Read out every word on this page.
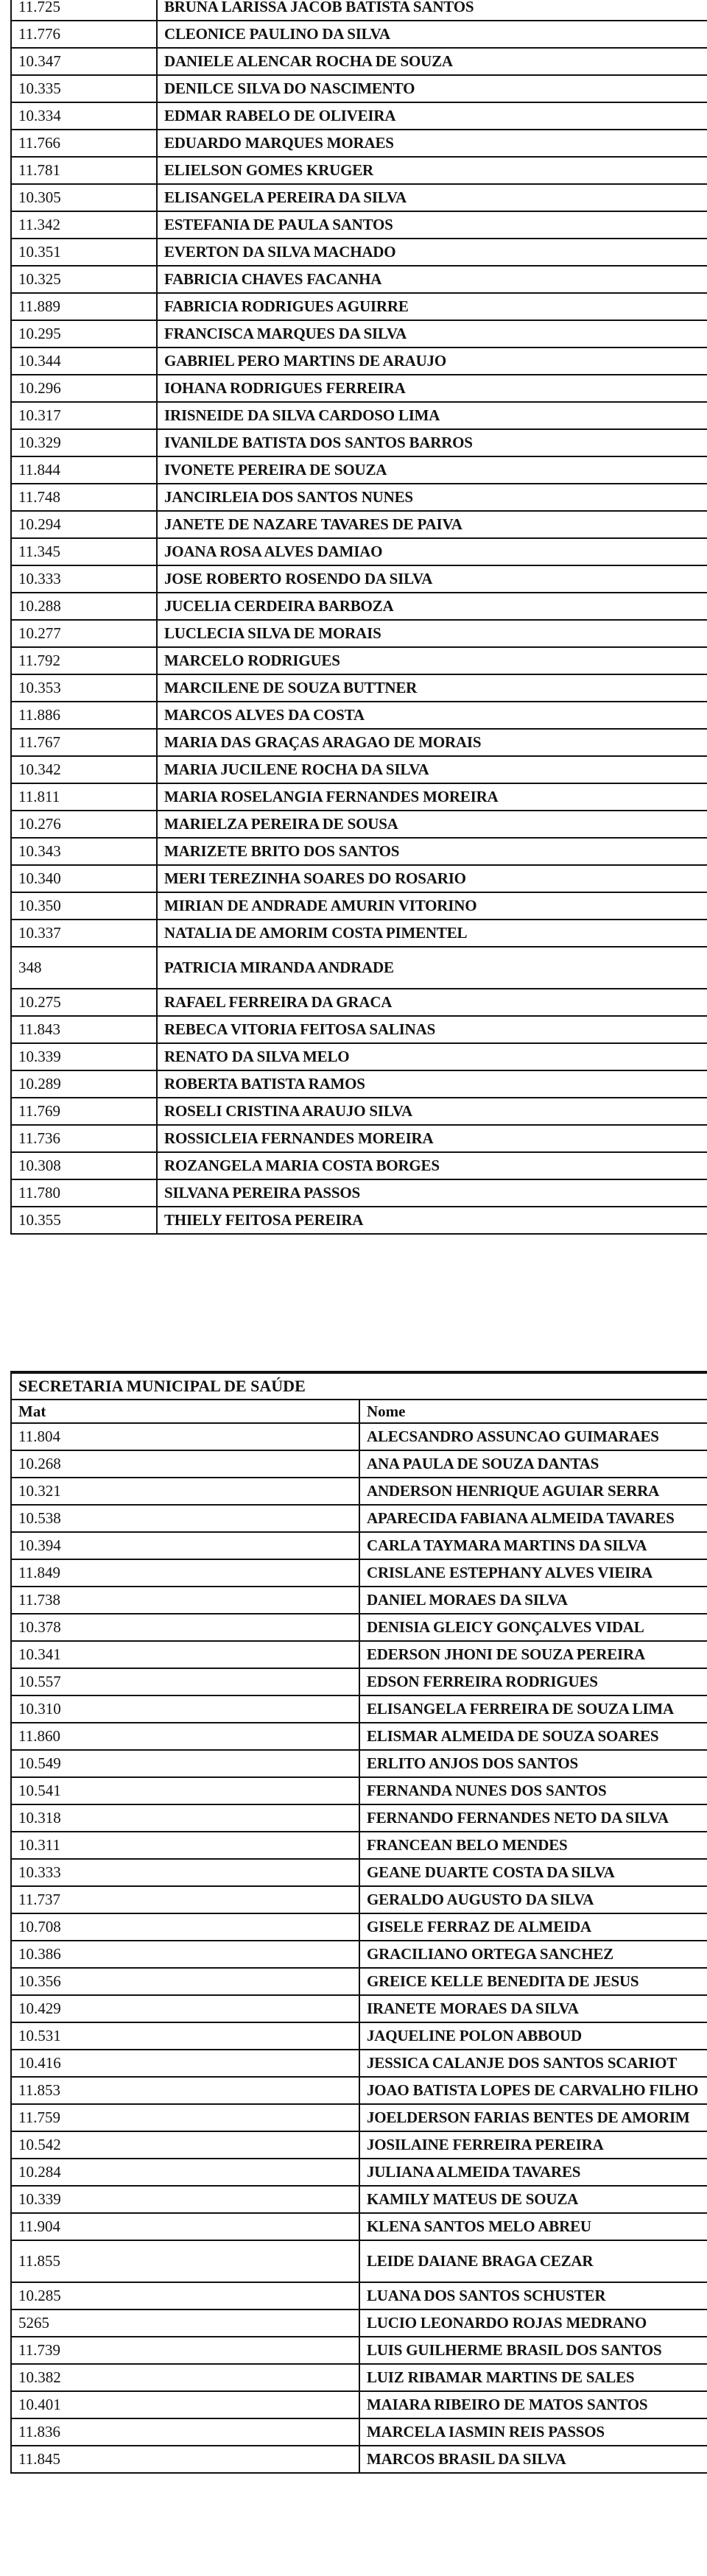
11.725	BRUNA LARISSA JACOB BATISTA SANTOS
11.776	CLEONICE PAULINO DA SILVA
10.347	DANIELE ALENCAR ROCHA DE SOUZA
10.335	DENILCE SILVA DO NASCIMENTO
10.334	EDMAR RABELO DE OLIVEIRA
11.766	EDUARDO MARQUES MORAES
11.781	ELIELSON GOMES KRUGER
10.305	ELISANGELA PEREIRA DA SILVA
11.342	ESTEFANIA DE PAULA SANTOS
10.351	EVERTON DA SILVA MACHADO
10.325	FABRICIA CHAVES FACANHA
11.889	FABRICIA RODRIGUES AGUIRRE
10.295	FRANCISCA MARQUES DA SILVA
10.344	GABRIEL PERO MARTINS DE ARAUJO
10.296	IOHANA RODRIGUES FERREIRA
10.317	IRISNEIDE DA SILVA CARDOSO LIMA
10.329	IVANILDE BATISTA DOS SANTOS BARROS
11.844	IVONETE PEREIRA DE SOUZA
11.748	JANCIRLEIA DOS SANTOS NUNES
10.294	JANETE DE NAZARE TAVARES DE PAIVA
11.345	JOANA ROSA ALVES DAMIAO
10.333	JOSE ROBERTO ROSENDO DA SILVA
10.288	JUCELIA CERDEIRA BARBOZA
10.277	LUCLECIA SILVA DE MORAIS
11.792	MARCELO RODRIGUES
10.353	MARCILENE DE SOUZA BUTTNER
11.886	MARCOS ALVES DA COSTA
11.767	MARIA DAS GRAÇAS ARAGAO DE MORAIS
10.342	MARIA JUCILENE ROCHA DA SILVA
11.811	MARIA ROSELANGIA FERNANDES MOREIRA
10.276	MARIELZA PEREIRA DE SOUSA
10.343	MARIZETE BRITO DOS SANTOS
10.340	MERI TEREZINHA SOARES DO ROSARIO
10.350	MIRIAN DE ANDRADE AMURIN VITORINO
10.337	NATALIA DE AMORIM COSTA PIMENTEL
348	PATRICIA MIRANDA ANDRADE
10.275	RAFAEL FERREIRA DA GRACA
11.843	REBECA VITORIA FEITOSA SALINAS
10.339	RENATO DA SILVA MELO
10.289	ROBERTA BATISTA RAMOS
11.769	ROSELI CRISTINA ARAUJO SILVA
11.736	ROSSICLEIA FERNANDES MOREIRA
10.308	ROZANGELA MARIA COSTA BORGES
11.780	SILVANA PEREIRA PASSOS
10.355	THIELY FEITOSA PEREIRA
SECRETARIA MUNICIPAL DE SAÚDE	
Mat	Nome
11.804	ALECSANDRO ASSUNCAO GUIMARAES
10.268	ANA PAULA DE SOUZA DANTAS
10.321	ANDERSON HENRIQUE AGUIAR SERRA
10.538	APARECIDA FABIANA ALMEIDA TAVARES
10.394	CARLA TAYMARA MARTINS DA SILVA
11.849	CRISLANE ESTEPHANY ALVES VIEIRA
11.738	DANIEL MORAES DA SILVA
10.378	DENISIA GLEICY GONÇALVES VIDAL
10.341	EDERSON JHONI DE SOUZA PEREIRA
10.557	EDSON FERREIRA RODRIGUES
10.310	ELISANGELA FERREIRA DE SOUZA LIMA
11.860	ELISMAR ALMEIDA DE SOUZA SOARES
10.549	ERLITO ANJOS DOS SANTOS
10.541	FERNANDA NUNES DOS SANTOS
10.318	FERNANDO FERNANDES NETO DA SILVA
10.311	FRANCEAN BELO MENDES
10.333	GEANE DUARTE COSTA DA SILVA
11.737	GERALDO AUGUSTO DA SILVA
10.708	GISELE FERRAZ DE ALMEIDA
10.386	GRACILIANO ORTEGA SANCHEZ
10.356	GREICE KELLE BENEDITA DE JESUS
10.429	IRANETE MORAES DA SILVA
10.531	JAQUELINE POLON ABBOUD
10.416	JESSICA CALANJE DOS SANTOS SCARIOT
11.853	JOAO BATISTA LOPES DE CARVALHO FILHO
11.759	JOELDERSON FARIAS BENTES DE AMORIM
10.542	JOSILAINE FERREIRA PEREIRA
10.284	JULIANA ALMEIDA TAVARES
10.339	KAMILY MATEUS DE SOUZA
11.904	KLENA SANTOS MELO ABREU
11.855	LEIDE DAIANE BRAGA CEZAR
10.285	LUANA DOS SANTOS SCHUSTER
5265	LUCIO LEONARDO ROJAS MEDRANO
11.739	LUIS GUILHERME BRASIL DOS SANTOS
10.382	LUIZ RIBAMAR MARTINS DE SALES
10.401	MAIARA RIBEIRO DE MATOS SANTOS
11.836	MARCELA IASMIN REIS PASSOS
11.845	MARCOS BRASIL DA SILVA
